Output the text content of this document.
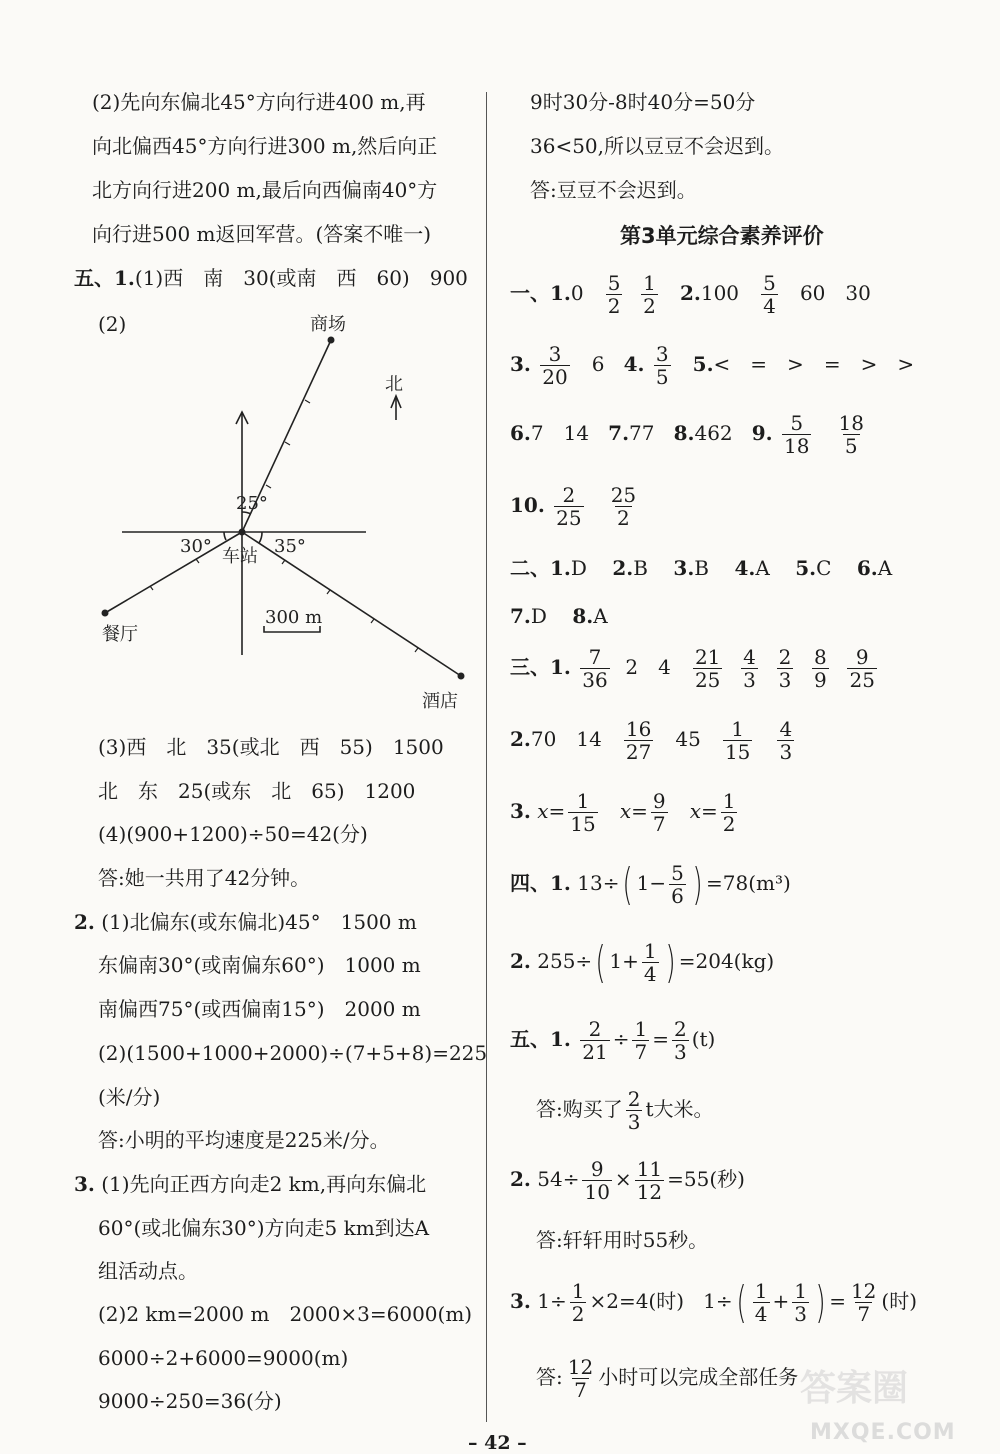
(2)先向东偏北45°方向行进400 m,再
向北偏西45°方向行进300 m,然后向正
北方向行进200 m,最后向西偏南40°方
向行进500 m返回军营。(答案不唯一)
五、1.(1)西　南　30(或南　西　60)　900
(2)	商场
北
车站
餐厅
酒店
25°
30°	35°
300 m
(3)西　北　35(或北　西　55)　1500
北　东　25(或东　北　65)　1200
(4)(900+1200)÷50=42(分)
答:她一共用了42分钟。
2. (1)北偏东(或东偏北)45°　1500 m
东偏南30°(或南偏东60°)　1000 m
南偏西75°(或西偏南15°)　2000 m
(2)(1500+1000+2000)÷(7+5+8)=225
(米/分)
答:小明的平均速度是225米/分。
3. (1)先向正西方向走2 km,再向东偏北
60°(或北偏东30°)方向走5 km到达A
组活动点。
(2)2 km=2000 m　2000×3=6000(m)
6000÷2+6000=9000(m)
9000÷250=36(分)
9时30分-8时40分=50分
36<50,所以豆豆不会迟到。
答:豆豆不会迟到。
第3单元综合素养评价
一、$1.0 \frac{5}{2}$
$\frac{1}{2} 2.100 \frac{5}{4} 60$　30
3. $\frac{3}{20} 6$ 4. $\frac{3}{5} 5.<$　=　>　=　>　>
6.7　14 7.77 8.462 9. $\frac{5}{18}$
$\frac{18}{5}$
10. $\frac{2}{25}$
$\frac{25}{2}$
二、1.D 2.B 3.B 4.A 5.C 6.A
7.D 8.A
三、1. $\frac{7}{36} 2$　$4 \frac{21}{25}$
$\frac{4}{3}$
$\frac{2}{3}$
$\frac{8}{9}$
$\frac{9}{25}$
2.70　$14 \frac{16}{27} 45 \frac{1}{15}$
$\frac{4}{3}$
3. $x= \frac{1}{15} x= \frac{9}{7} x= \frac{1}{2}$
四、1. 13÷( $1- \frac{5}{6}$ ) =78(m³)
2. 255÷( $1+ \frac{1}{4}$ ) =204(kg)
五、1. $\frac{2}{21} \div \frac{1}{7} = \frac{2}{3} (t)$
答:购买了 $\frac{2}{3}$ t大米。
2. $54\div \frac{9}{10} \times \frac{11}{12} =55$(秒)
答:轩轩用时55秒。
3. $1\div \frac{1}{2} \times 2=4$(时) $1\div( \frac{1}{4} + \frac{1}{3}$ ) = $\frac{12}{7}$ (时)
答: $\frac{12}{7}$ 小时可以完成全部任务 答案圈
MXQE.COM
– 42 –
